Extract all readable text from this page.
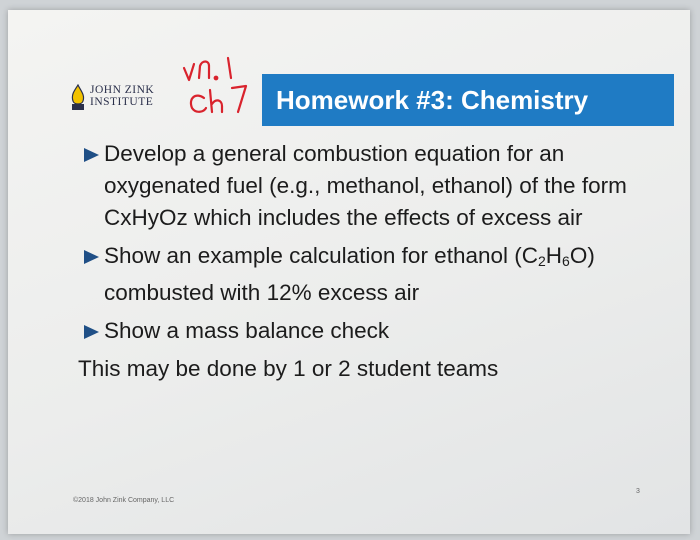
JOHN ZINK
INSTITUTE	Homework #3: Chemistry
Develop a general combustion equation for an oxygenated fuel (e.g., methanol, ethanol) of the form CxHyOz which includes the effects of excess air
Show an example calculation for ethanol $(C_2H_6O)$ combusted with 12% excess air
Show a mass balance check
This may be done by 1 or 2 student teams
©2018 John Zink Company, LLC
3
